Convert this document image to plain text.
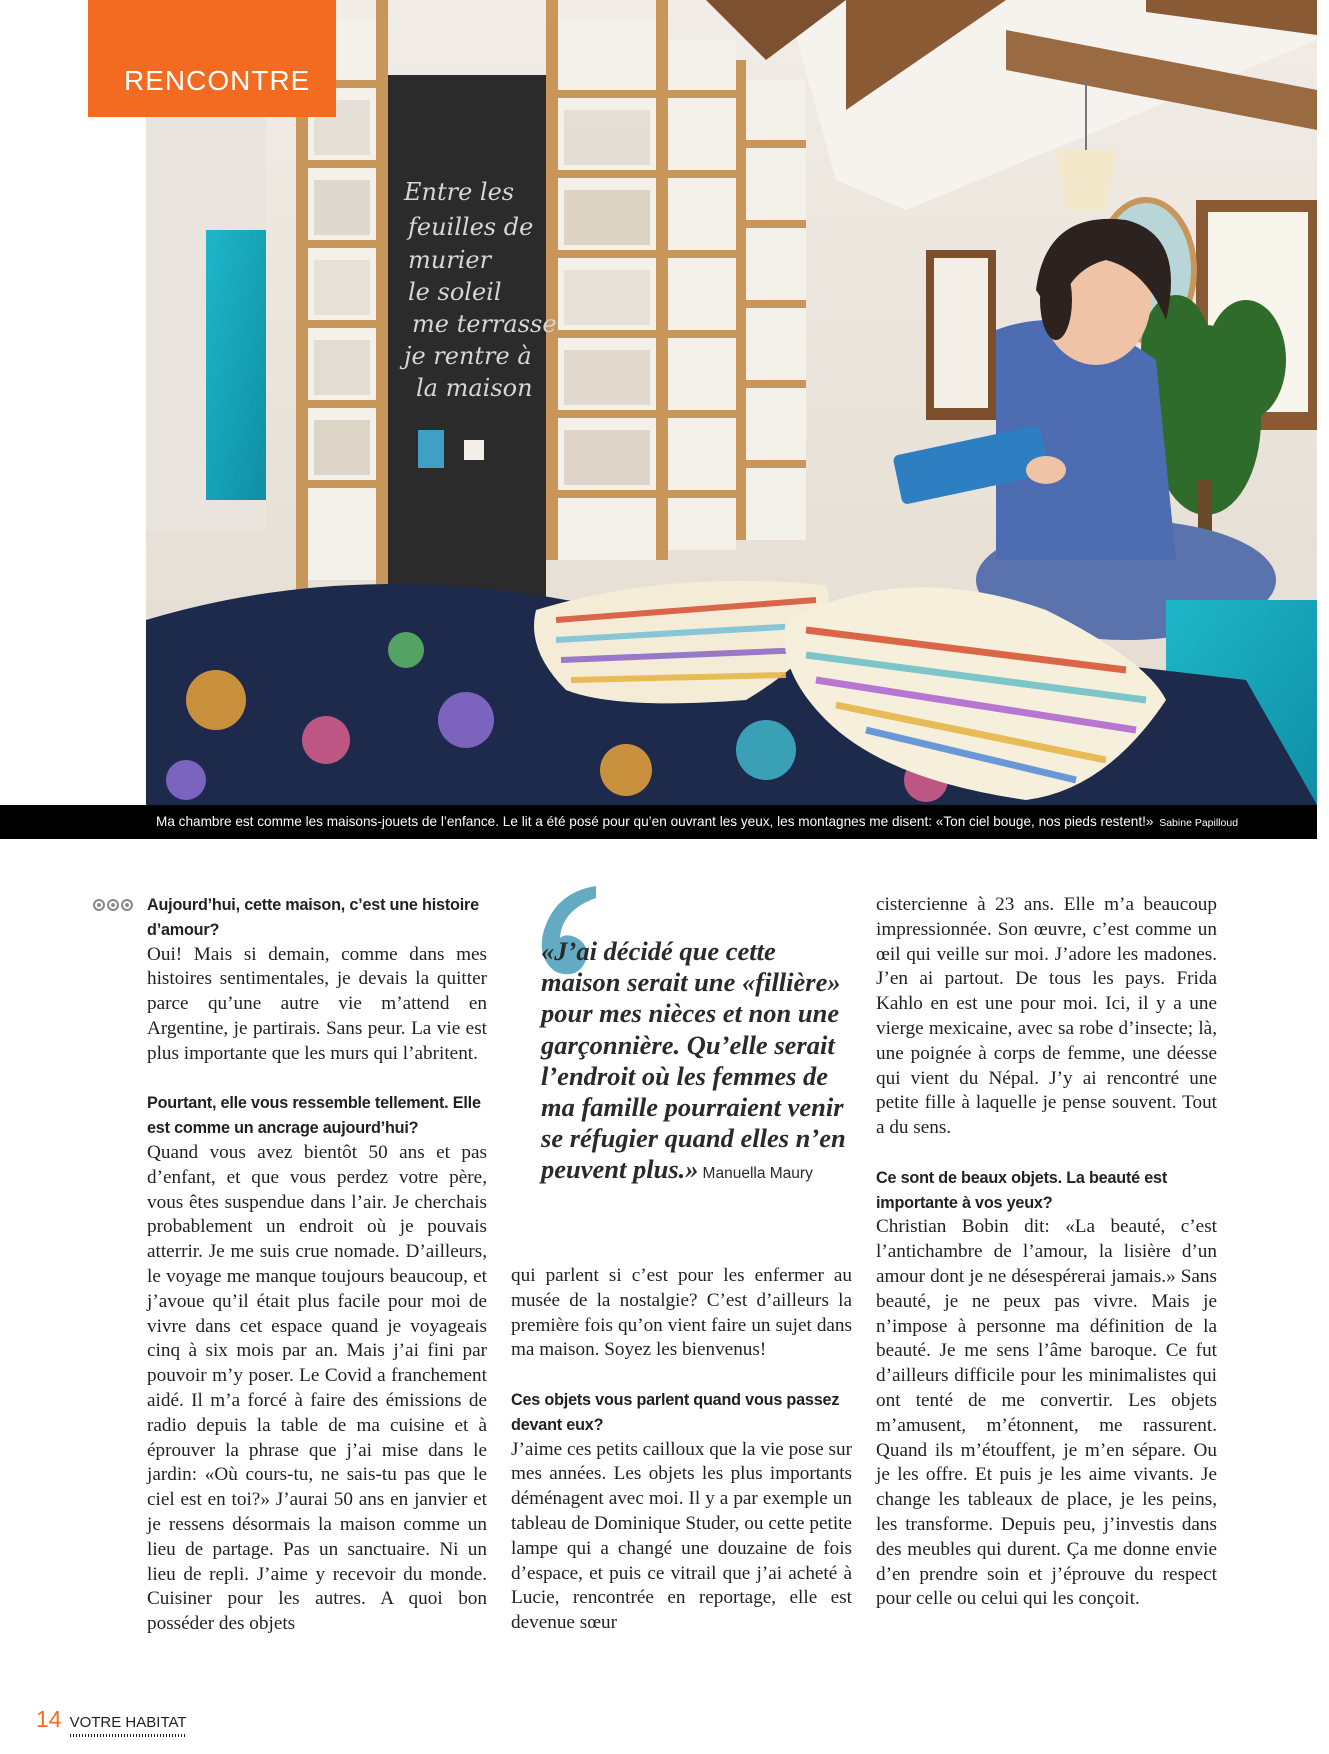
Entre les
feuilles de
murier
le soleil
me terrasse
je rentre à
la maison
RENCONTRE
Ma chambre est comme les maisons-jouets de l’enfance. Le lit a été posé pour qu’en ouvrant les yeux, les montagnes me disent: «Ton ciel bouge, nos pieds restent!» Sabine Papilloud
Aujourd’hui, cette maison, c’est une histoire d’amour?

Oui! Mais si demain, comme dans mes histoires sentimentales, je devais la quitter parce qu’une autre vie m’attend en Argentine, je partirais. Sans peur. La vie est plus importante que les murs qui l’abritent.

Pourtant, elle vous ressemble tellement. Elle est comme un ancrage aujourd’hui?

Quand vous avez bientôt 50 ans et pas d’enfant, et que vous perdez votre père, vous êtes suspendue dans l’air. Je cherchais probablement un endroit où je pouvais atterrir. Je me suis crue nomade. D’ailleurs, le voyage me manque toujours beaucoup, et j’avoue qu’il était plus facile pour moi de vivre dans cet espace quand je voyageais cinq à six mois par an. Mais j’ai fini par pouvoir m’y poser. Le Covid a franchement aidé. Il m’a forcé à faire des émissions de radio depuis la table de ma cuisine et à éprouver la phrase que j’ai mise dans le jardin: «Où cours-tu, ne sais-tu pas que le ciel est en toi?» J’aurai 50 ans en janvier et je ressens désormais la maison comme un lieu de partage. Pas un sanctuaire. Ni un lieu de repli. J’aime y recevoir du monde. Cuisiner pour les autres. A quoi bon posséder des objets

«J’ai décidé que cette maison serait une «fillière» pour mes nièces et non une garçonnière. Qu’elle serait l’endroit où les femmes de ma famille pourraient venir se réfugier quand elles n’en peuvent plus.» Manuella Maury

qui parlent si c’est pour les enfermer au musée de la nostalgie? C’est d’ailleurs la première fois qu’on vient faire un sujet dans ma maison. Soyez les bienvenus!

Ces objets vous parlent quand vous passez devant eux?

J’aime ces petits cailloux que la vie pose sur mes années. Les objets les plus importants déménagent avec moi. Il y a par exemple un tableau de Dominique Studer, ou cette petite lampe qui a changé une douzaine de fois d’espace, et puis ce vitrail que j’ai acheté à Lucie, rencontrée en reportage, elle est devenue sœur

cistercienne à 23 ans. Elle m’a beaucoup impressionnée. Son œuvre, c’est comme un œil qui veille sur moi. J’adore les madones. J’en ai partout. De tous les pays. Frida Kahlo en est une pour moi. Ici, il y a une vierge mexicaine, avec sa robe d’insecte; là, une poignée à corps de femme, une déesse qui vient du Népal. J’y ai rencontré une petite fille à laquelle je pense souvent. Tout a du sens.

Ce sont de beaux objets. La beauté est importante à vos yeux?

Christian Bobin dit: «La beauté, c’est l’antichambre de l’amour, la lisière d’un amour dont je ne désespérerai jamais.» Sans beauté, je ne peux pas vivre. Mais je n’impose à personne ma définition de la beauté. Je me sens l’âme baroque. Ce fut d’ailleurs difficile pour les minimalistes qui ont tenté de me convertir. Les objets m’amusent, m’étonnent, me rassurent. Quand ils m’étouffent, je m’en sépare. Ou je les offre. Et puis je les aime vivants. Je change les tableaux de place, je les peins, les transforme. Depuis peu, j’investis dans des meubles qui durent. Ça me donne envie d’en prendre soin et j’éprouve du respect pour celle ou celui qui les conçoit.

14 VOTRE HABITAT
